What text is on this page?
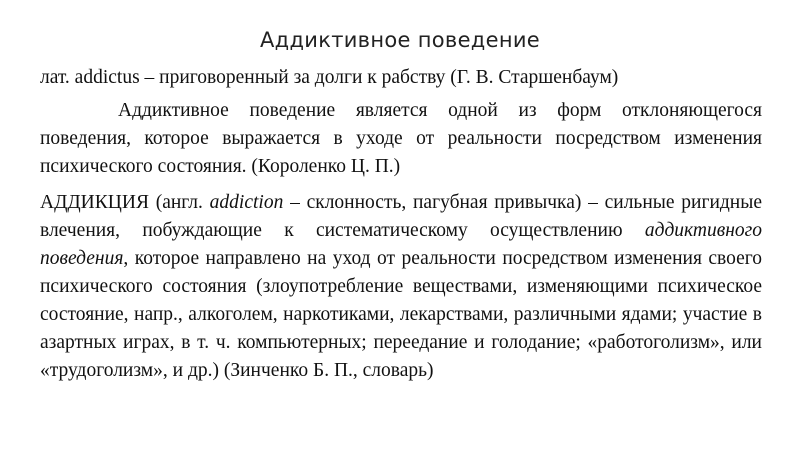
Аддиктивное поведение

лат. addictus – приговоренный за долги к рабству (Г. В. Старшенбаум)

Аддиктивное поведение является одной из форм отклоняющегося поведения, которое выражается в уходе от реальности посредством изменения психического состояния. (Короленко Ц. П.)

АДДИКЦИЯ (англ. addiction – склонность, пагубная привычка) – сильные ригидные влечения, побуждающие к систематическому осуществлению аддиктивного поведения, которое направлено на уход от реальности посредством изменения своего психического состояния (злоупотребление веществами, изменяющими психическое состояние, напр., алкоголем, наркотиками, лекарствами, различными ядами; участие в азартных играх, в т. ч. компьютерных; переедание и голодание; «работоголизм», или «трудоголизм», и др.) (Зинченко Б. П., словарь)
